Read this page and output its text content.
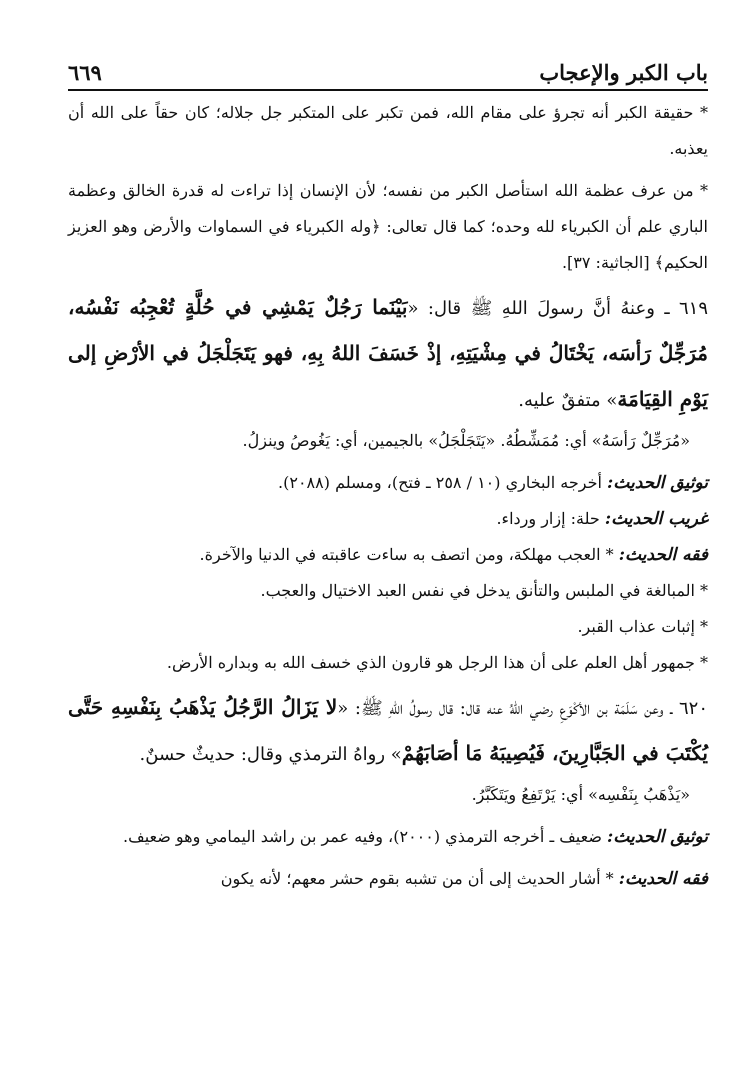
باب الكبر والإعجاب
٦٦٩

* حقيقة الكبر أنه تجرؤ على مقام الله، فمن تكبر على المتكبر جل جلاله؛ كان حقاً على الله أن يعذبه.

* من عرف عظمة الله استأصل الكبر من نفسه؛ لأن الإنسان إذا تراءت له قدرة الخالق وعظمة الباري علم أن الكبرياء لله وحده؛ كما قال تعالى: ﴿وله الكبرياء في السماوات والأرض وهو العزيز الحكيم﴾ [الجاثية: ٣٧].

٦١٩ ـ وعنهُ أنَّ رسولَ اللهِ ﷺ قال: «بَيْنَما رَجُلٌ يَمْشِي في حُلَّةٍ تُعْجِبُه نَفْسُه، مُرَجِّلٌ رَأسَه، يَخْتَالُ في مِشْيَتِهِ، إذْ خَسَفَ اللهُ بِهِ، فهو يَتَجَلْجَلُ في الأرْضِ إلى يَوْمِ القِيَامَة» متفقٌ عليه.

«مُرَجِّلٌ رَأسَهُ» أي: مُمَشِّطُهُ. «يَتَجَلْجَلُ» بالجيمين، أي: يَغُوصُ وينزلُ.

توثيق الحديث: أخرجه البخاري (١٠ / ٢٥٨ ـ فتح)، ومسلم (٢٠٨٨).

غريب الحديث: حلة: إزار ورداء.

فقه الحديث: * العجب مهلكة، ومن اتصف به ساءت عاقبته في الدنيا والآخرة.

* المبالغة في الملبس والتأنق يدخل في نفس العبد الاختيال والعجب.

* إثبات عذاب القبر.

* جمهور أهل العلم على أن هذا الرجل هو قارون الذي خسف الله به وبداره الأرض.

٦٢٠ ـ وعن سَلَمَة بن الأكْوَعِ رضي اللهُ عنه قال: قال رسولُ اللهِ ﷺ: «لا يَزَالُ الرَّجُلُ يَذْهَبُ بِنَفْسِهِ حَتَّى يُكْتَبَ في الجَبَّارِينَ، فَيُصِيبَهُ مَا أصَابَهُمْ» رواهُ الترمذي وقال: حديثٌ حسنٌ.

«يَذْهَبُ بِنَفْسِه» أي: يَرْتَفِعُ ويَتَكَبَّرُ.

توثيق الحديث: ضعيف ـ أخرجه الترمذي (٢٠٠٠)، وفيه عمر بن راشد اليمامي وهو ضعيف.

فقه الحديث: * أشار الحديث إلى أن من تشبه بقوم حشر معهم؛ لأنه يكون
